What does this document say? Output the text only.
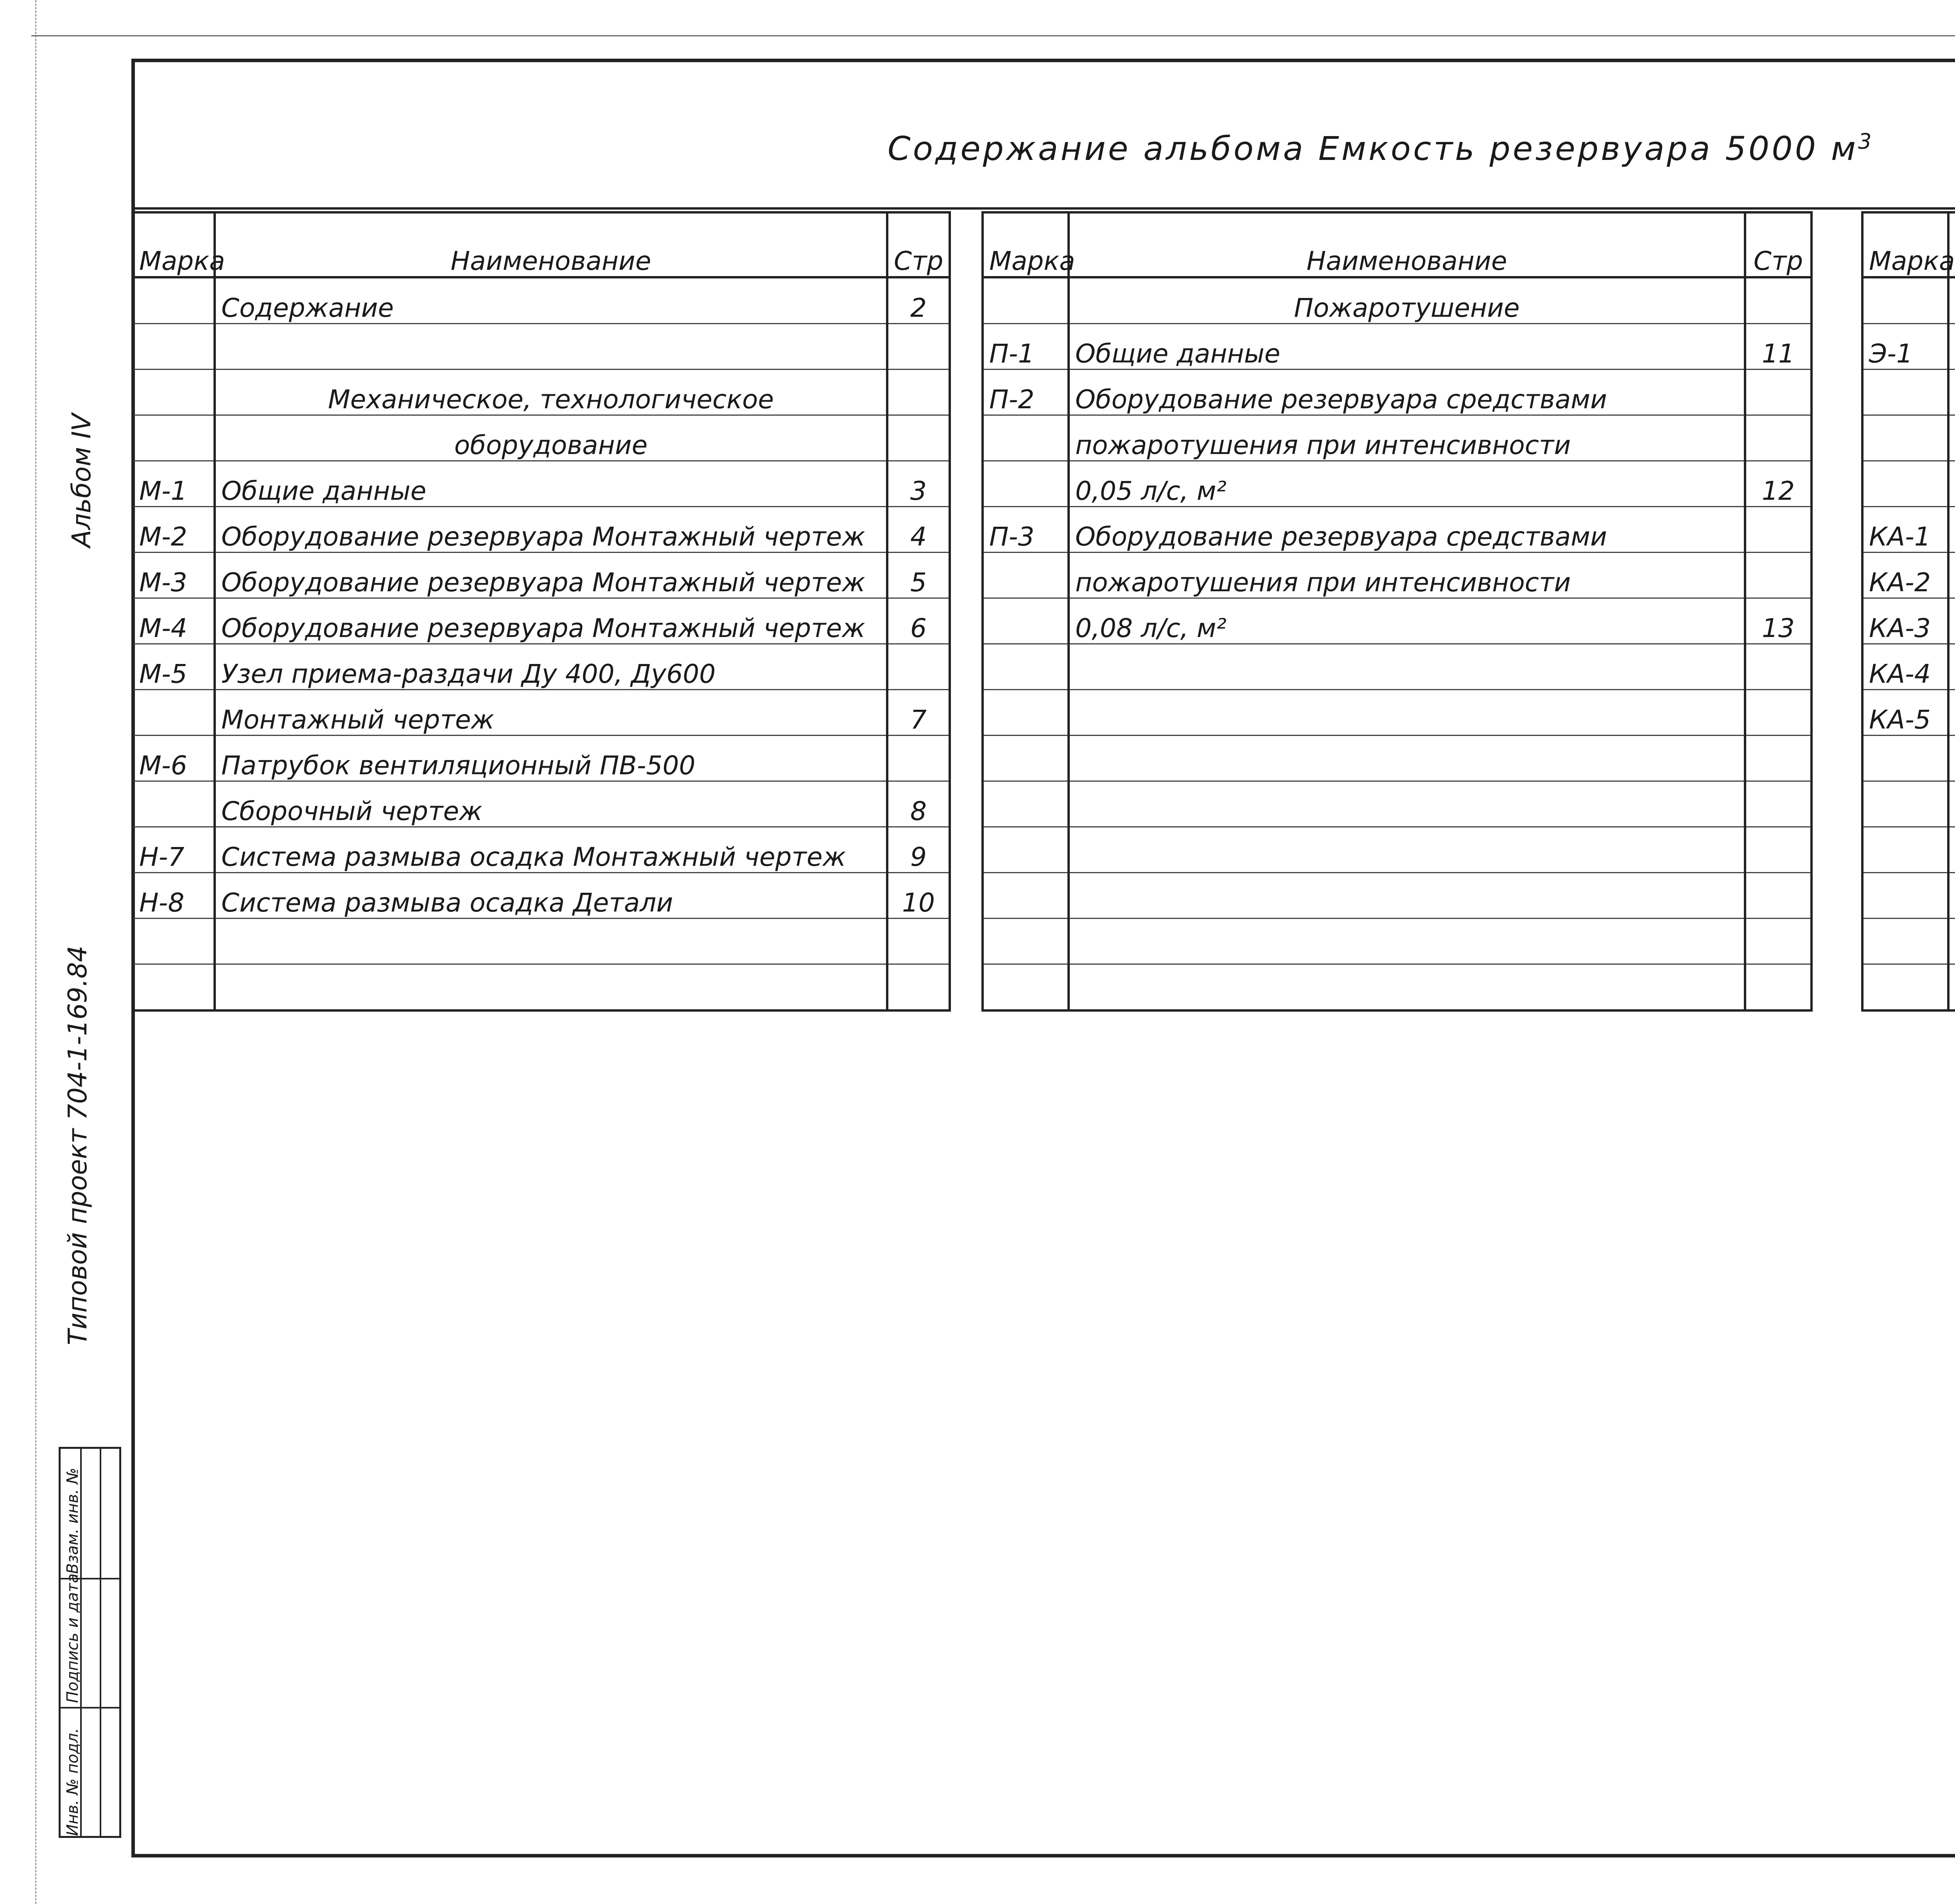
Содержание альбома Емкость резервуара 5000 $м^3$
Марка	Наименование	Стр
	Содержание	2

	Механическое, технологическое	
	оборудование	
М-1	Общие данные	3
М-2	Оборудование резервуара Монтажный чертеж	4
М-3	Оборудование резервуара Монтажный чертеж	5
М-4	Оборудование резервуара Монтажный чертеж	6
М-5	Узел приема-раздачи Ду 400, Ду600	
	Монтажный чертеж	7
М-6	Патрубок вентиляционный ПВ-500	
	Сборочный чертеж	8
Н-7	Система размыва осадка Монтажный чертеж	9
Н-8	Система размыва осадка Детали	10

Марка	Наименование	Стр
	Пожаротушение	
П-1	Общие данные	11
П-2	Оборудование резервуара средствами	
	пожаротушения при интенсивности	
	0,05 л/с, м²	12
П-3	Оборудование резервуара средствами	
	пожаротушения при интенсивности	
	0,08 л/с, м²	13

Марка		

Э-1		

КА-1		
КА-2		
КА-3		
КА-4		
КА-5		

Альбом IV
Типовой проект 704-1-169.84
Инв. № подл.
Подпись и дата
Взам. инв. №
